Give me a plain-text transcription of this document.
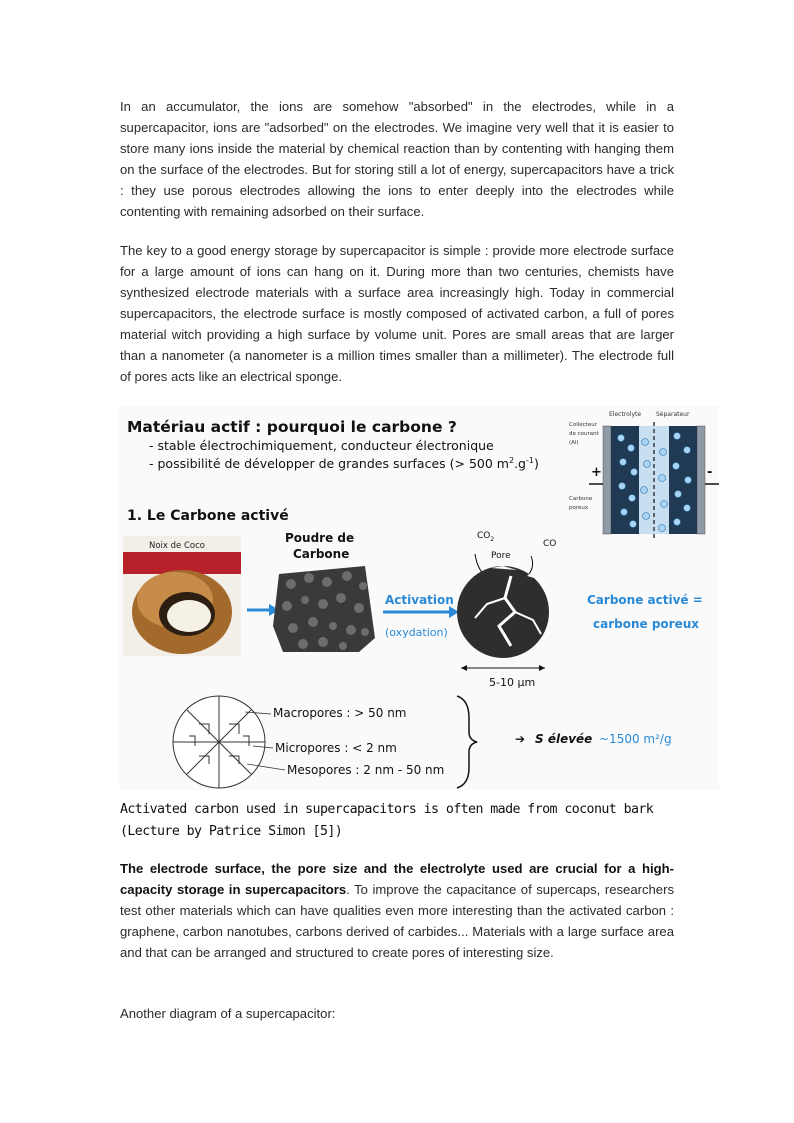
In an accumulator, the ions are somehow "absorbed" in the electrodes, while in a supercapacitor, ions are "adsorbed" on the electrodes. We imagine very well that it is easier to store many ions inside the material by chemical reaction than by contenting with hanging them on the surface of the electrodes. But for storing still a lot of energy, supercapacitors have a trick : they use porous electrodes allowing the ions to enter deeply into the electrodes while contenting with remaining adsorbed on their surface.
The key to a good energy storage by supercapacitor is simple : provide more electrode surface for a large amount of ions can hang on it. During more than two centuries, chemists have synthesized electrode materials with a surface area increasingly high. Today in commercial supercapacitors, the electrode surface is mostly composed of activated carbon, a full of pores material witch providing a high surface by volume unit. Pores are small areas that are larger than a nanometer (a nanometer is a million times smaller than a millimeter). The electrode full of pores acts like an electrical sponge.
Matériau actif : pourquoi le carbone ?
- stable électrochimiquement, conducteur électronique
- possibilité de développer de grandes surfaces (> 500 $m^2.g^{-1}$)
1. Le Carbone activé
Electrolyte Séparateur
Collecteur
de courant
(Al)
Carbone
poreux
+	-
Noix de Coco
Poudre de
Carbone
Activation
(oxydation)
$CO_2$
Pore
CO
5-10 μm
Carbone activé =
carbone poreux
Macropores : > 50 nm
Micropores : < 2 nm
Mesopores : 2 nm - 50 nm
➔ S élevée ~1500 m²/g
Activated carbon used in supercapacitors is often made from coconut bark
(Lecture by Patrice Simon [5])
The electrode surface, the pore size and the electrolyte used are crucial for a high-capacity storage in supercapacitors. To improve the capacitance of supercaps, researchers test other materials which can have qualities even more interesting than the activated carbon : graphene, carbon nanotubes, carbons derived of carbides... Materials with a large surface area and that can be arranged and structured to create pores of interesting size.
Another diagram of a supercapacitor:
